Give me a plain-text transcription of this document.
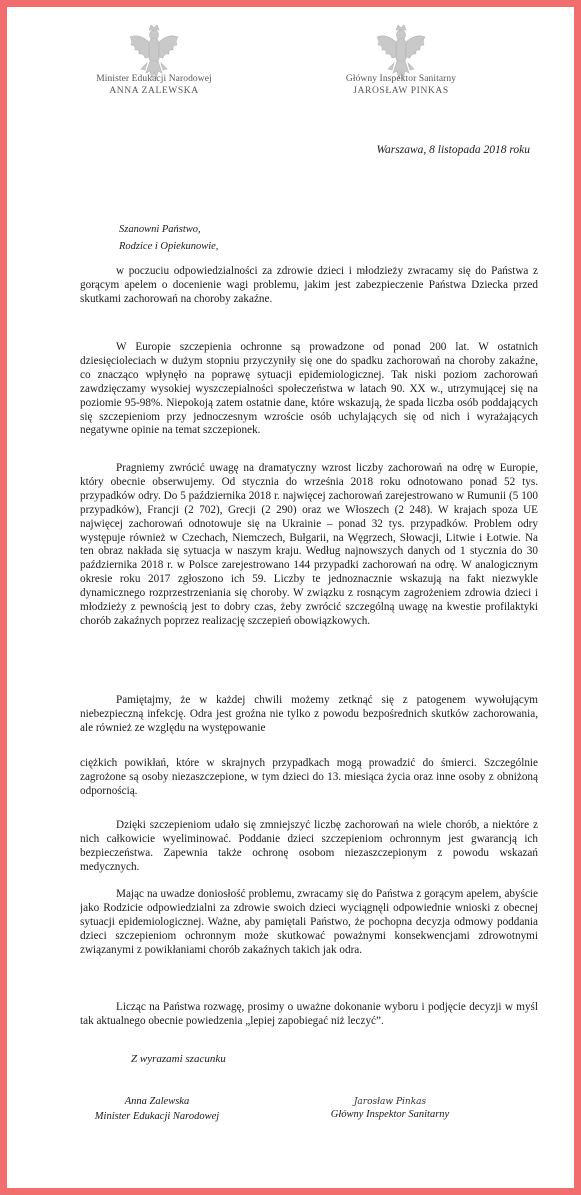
Minister Edukacji Narodowej
ANNA ZALEWSKA
Główny Inspektor Sanitarny
JAROSŁAW PINKAS
Warszawa, 8 listopada 2018 roku
Szanowni Państwo,
Rodzice i Opiekunowie,

w poczuciu odpowiedzialności za zdrowie dzieci i młodzieży zwracamy się do Państwa z gorącym apelem o docenienie wagi problemu, jakim jest zabezpieczenie Państwa Dziecka przed skutkami zachorowań na choroby zakaźne.

W Europie szczepienia ochronne są prowadzone od ponad 200 lat. W ostatnich dziesięcioleciach w dużym stopniu przyczyniły się one do spadku zachorowań na choroby zakaźne, co znacząco wpłynęło na poprawę sytuacji epidemiologicznej. Tak niski poziom zachorowań zawdzięczamy wysokiej wyszczepialności społeczeństwa w latach 90. XX w., utrzymującej się na poziomie 95-98%. Niepokoją zatem ostatnie dane, które wskazują, że spada liczba osób poddających się szczepieniom przy jednoczesnym wzroście osób uchylających się od nich i wyrażających negatywne opinie na temat szczepionek.

Pragniemy zwrócić uwagę na dramatyczny wzrost liczby zachorowań na odrę w Europie, który obecnie obserwujemy. Od stycznia do września 2018 roku odnotowano ponad 52 tys. przypadków odry. Do 5 października 2018 r. najwięcej zachorowań zarejestrowano w Rumunii (5 100 przypadków), Francji (2 702), Grecji (2 290) oraz we Włoszech (2 248). W krajach spoza UE najwięcej zachorowań odnotowuje się na Ukrainie – ponad 32 tys. przypadków. Problem odry występuje również w Czechach, Niemczech, Bułgarii, na Węgrzech, Słowacji, Litwie i Łotwie. Na ten obraz nakłada się sytuacja w naszym kraju. Według najnowszych danych od 1 stycznia do 30 października 2018 r. w Polsce zarejestrowano 144 przypadki zachorowań na odrę. W analogicznym okresie roku 2017 zgłoszono ich 59. Liczby te jednoznacznie wskazują na fakt niezwykle dynamicznego rozprzestrzeniania się choroby. W związku z rosnącym zagrożeniem zdrowia dzieci i młodzieży z pewnością jest to dobry czas, żeby zwrócić szczególną uwagę na kwestie profilaktyki chorób zakaźnych poprzez realizację szczepień obowiązkowych.

Pamiętajmy, że w każdej chwili możemy zetknąć się z patogenem wywołującym niebezpieczną infekcję. Odra jest groźna nie tylko z powodu bezpośrednich skutków zachorowania, ale również ze względu na występowanie

ciężkich powikłań, które w skrajnych przypadkach mogą prowadzić do śmierci. Szczególnie zagrożone są osoby niezaszczepione, w tym dzieci do 13. miesiąca życia oraz inne osoby z obniżoną odpornością.

Dzięki szczepieniom udało się zmniejszyć liczbę zachorowań na wiele chorób, a niektóre z nich całkowicie wyeliminować. Poddanie dzieci szczepieniom ochronnym jest gwarancją ich bezpieczeństwa. Zapewnia także ochronę osobom niezaszczepionym z powodu wskazań medycznych.

Mając na uwadze doniosłość problemu, zwracamy się do Państwa z gorącym apelem, abyście jako Rodzicie odpowiedzialni za zdrowie swoich dzieci wyciągnęli odpowiednie wnioski z obecnej sytuacji epidemiologicznej. Ważne, aby pamiętali Państwo, że pochopna decyzja odmowy poddania dzieci szczepieniom ochronnym może skutkować poważnymi konsekwencjami zdrowotnymi związanymi z powikłaniami chorób zakaźnych takich jak odra.

Licząc na Państwa rozwagę, prosimy o uważne dokonanie wyboru i podjęcie decyzji w myśl tak aktualnego obecnie powiedzenia „lepiej zapobiegać niż leczyć”.

Z wyrazami szacunku
Anna Zalewska
Minister Edukacji Narodowej
Jarosław Pinkas
Główny Inspektor Sanitarny
